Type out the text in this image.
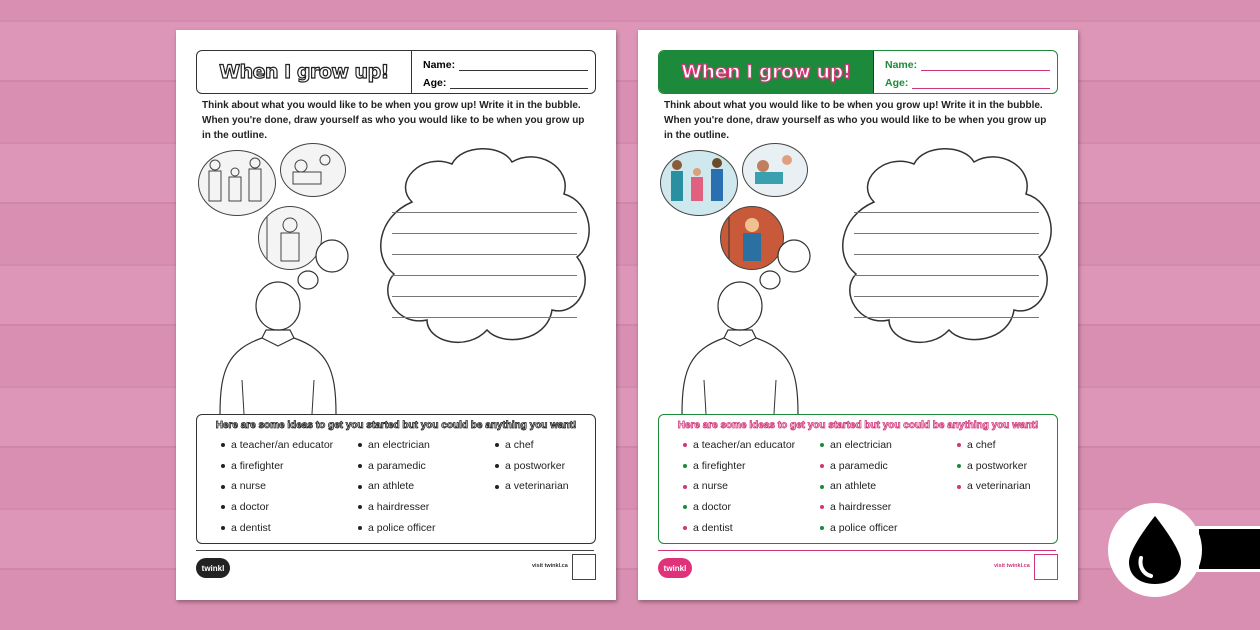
When I grow up!	Name:
Age:
Think about what you would like to be when you grow up! Write it in the bubble.
When you're done, draw yourself as who you would like to be when you grow up in the outline.
Here are some ideas to get you started but you could be anything you want!
a teacher/an educator
a firefighter
a nurse
a doctor
a dentist
an electrician
a paramedic
an athlete
a hairdresser
a police officer
a chef
a postworker
a veterinarian
twinkl	visit twinkl.ca
When I grow up!	Name:
Age:
Think about what you would like to be when you grow up! Write it in the bubble.
When you're done, draw yourself as who you would like to be when you grow up in the outline.
Here are some ideas to get you started but you could be anything you want!
a teacher/an educator
a firefighter
a nurse
a doctor
a dentist
an electrician
a paramedic
an athlete
a hairdresser
a police officer
a chef
a postworker
a veterinarian
twinkl	visit twinkl.ca
